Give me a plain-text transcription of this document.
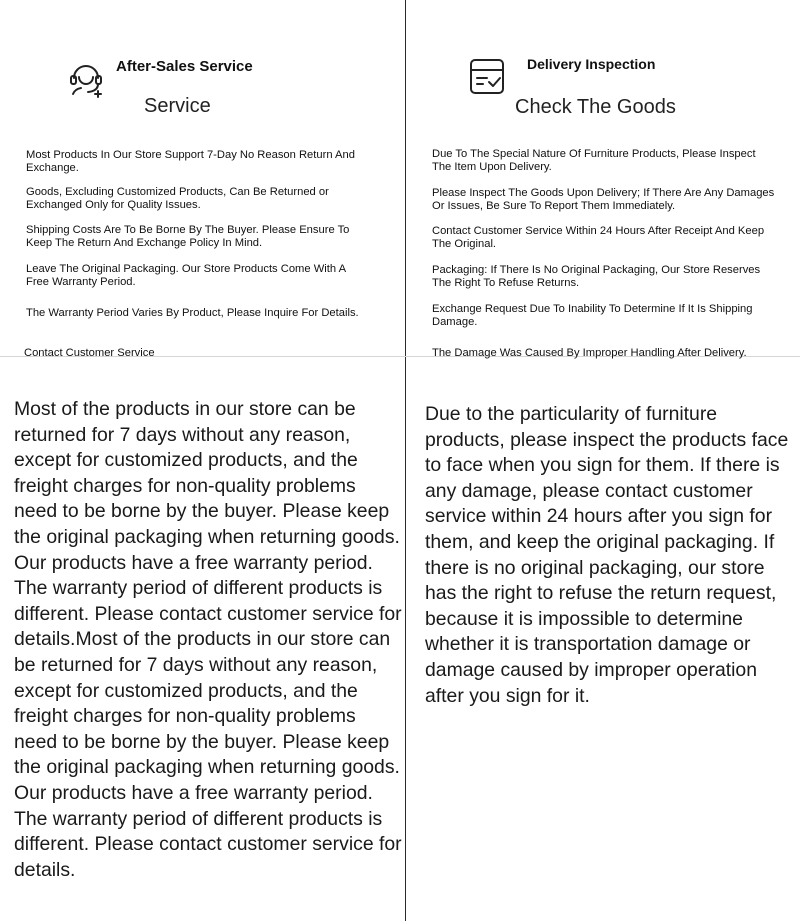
After-Sales Service
Service
Most Products In Our Store Support 7-Day No Reason Return And Exchange.
Goods, Excluding Customized Products, Can Be Returned or Exchanged Only for Quality Issues.
Shipping Costs Are To Be Borne By The Buyer. Please Ensure To Keep The Return And Exchange Policy In Mind.
Leave The Original Packaging. Our Store Products Come With A Free Warranty Period.
The Warranty Period Varies By Product, Please Inquire For Details.
Contact Customer Service
Delivery Inspection
Check The Goods
Due To The Special Nature Of Furniture Products, Please Inspect The Item Upon Delivery.
Please Inspect The Goods Upon Delivery; If There Are Any Damages Or Issues, Be Sure To Report Them Immediately.
Contact Customer Service Within 24 Hours After Receipt And Keep The Original.
Packaging: If There Is No Original Packaging, Our Store Reserves The Right To Refuse Returns.
Exchange Request Due To Inability To Determine If It Is Shipping Damage.
The Damage Was Caused By Improper Handling After Delivery.

Most of the products in our store can be returned for 7 days without any reason, except for customized products, and the freight charges for non-quality problems need to be borne by the buyer. Please keep the original packaging when returning goods. Our products have a free warranty period. The warranty period of different products is different. Please contact customer service for details.Most of the products in our store can be returned for 7 days without any reason, except for customized products, and the freight charges for non-quality problems need to be borne by the buyer. Please keep the original packaging when returning goods. Our products have a free warranty period. The warranty period of different products is different. Please contact customer service for details.

Due to the particularity of furniture products, please inspect the products face to face when you sign for them. If there is any damage, please contact customer service within 24 hours after you sign for them, and keep the original packaging. If there is no original packaging, our store has the right to refuse the return request, because it is impossible to determine whether it is transportation damage or damage caused by improper operation after you sign for it.
